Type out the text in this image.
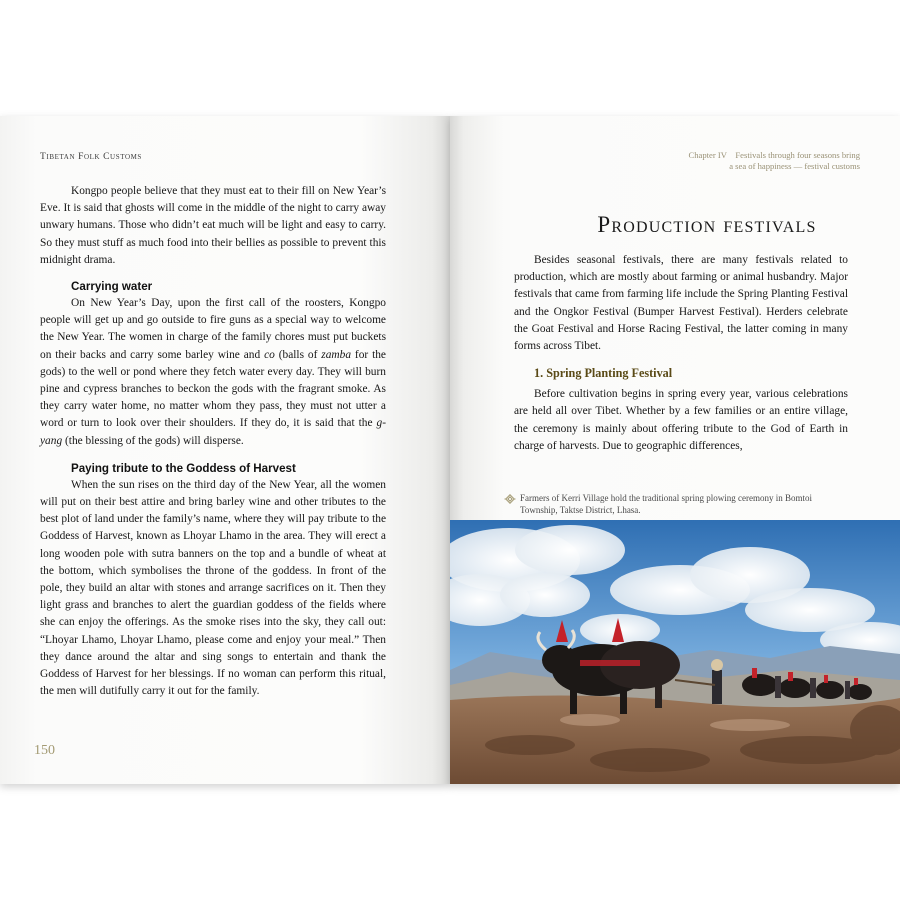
Tibetan Folk Customs

Kongpo people believe that they must eat to their fill on New Year’s Eve. It is said that ghosts will come in the middle of the night to carry away unwary humans. Those who didn’t eat much will be light and easy to carry. So they must stuff as much food into their bellies as possible to prevent this midnight drama.

Carrying water

On New Year’s Day, upon the first call of the roosters, Kongpo people will get up and go outside to fire guns as a special way to welcome the New Year. The women in charge of the family chores must put buckets on their backs and carry some barley wine and co (balls of zamba for the gods) to the well or pond where they fetch water every day. They will burn pine and cypress branches to beckon the gods with the fragrant smoke. As they carry water home, no matter whom they pass, they must not utter a word or turn to look over their shoulders. If they do, it is said that the g-yang (the blessing of the gods) will disperse.

Paying tribute to the Goddess of Harvest

When the sun rises on the third day of the New Year, all the women will put on their best attire and bring barley wine and other tributes to the best plot of land under the family’s name, where they will pay tribute to the Goddess of Harvest, known as Lhoyar Lhamo in the area. They will erect a long wooden pole with sutra banners on the top and a bundle of wheat at the bottom, which symbolises the throne of the goddess. In front of the pole, they build an altar with stones and arrange sacrifices on it. Then they light grass and branches to alert the guardian goddess of the fields where she can enjoy the offerings. As the smoke rises into the sky, they call out: “Lhoyar Lhamo, Lhoyar Lhamo, please come and enjoy your meal.” Then they dance around the altar and sing songs to entertain and thank the Goddess of Harvest for her blessings. If no woman can perform this ritual, the men will dutifully carry it out for the family.

150
Chapter IV    Festivals through four seasons bring
a sea of happiness — festival customs
Production festivals

Besides seasonal festivals, there are many festivals related to production, which are mostly about farming or animal husbandry. Major festivals that came from farming life include the Spring Planting Festival and the Ongkor Festival (Bumper Harvest Festival). Herders celebrate the Goat Festival and Horse Racing Festival, the latter coming in many forms across Tibet.

1. Spring Planting Festival

Before cultivation begins in spring every year, various celebrations are held all over Tibet. Whether by a few families or an entire village, the ceremony is mainly about offering tribute to the God of Earth in charge of harvests. Due to geographic differences,

Farmers of Kerri Village hold the traditional spring plowing ceremony in Bomtoi Township, Taktse District, Lhasa.
